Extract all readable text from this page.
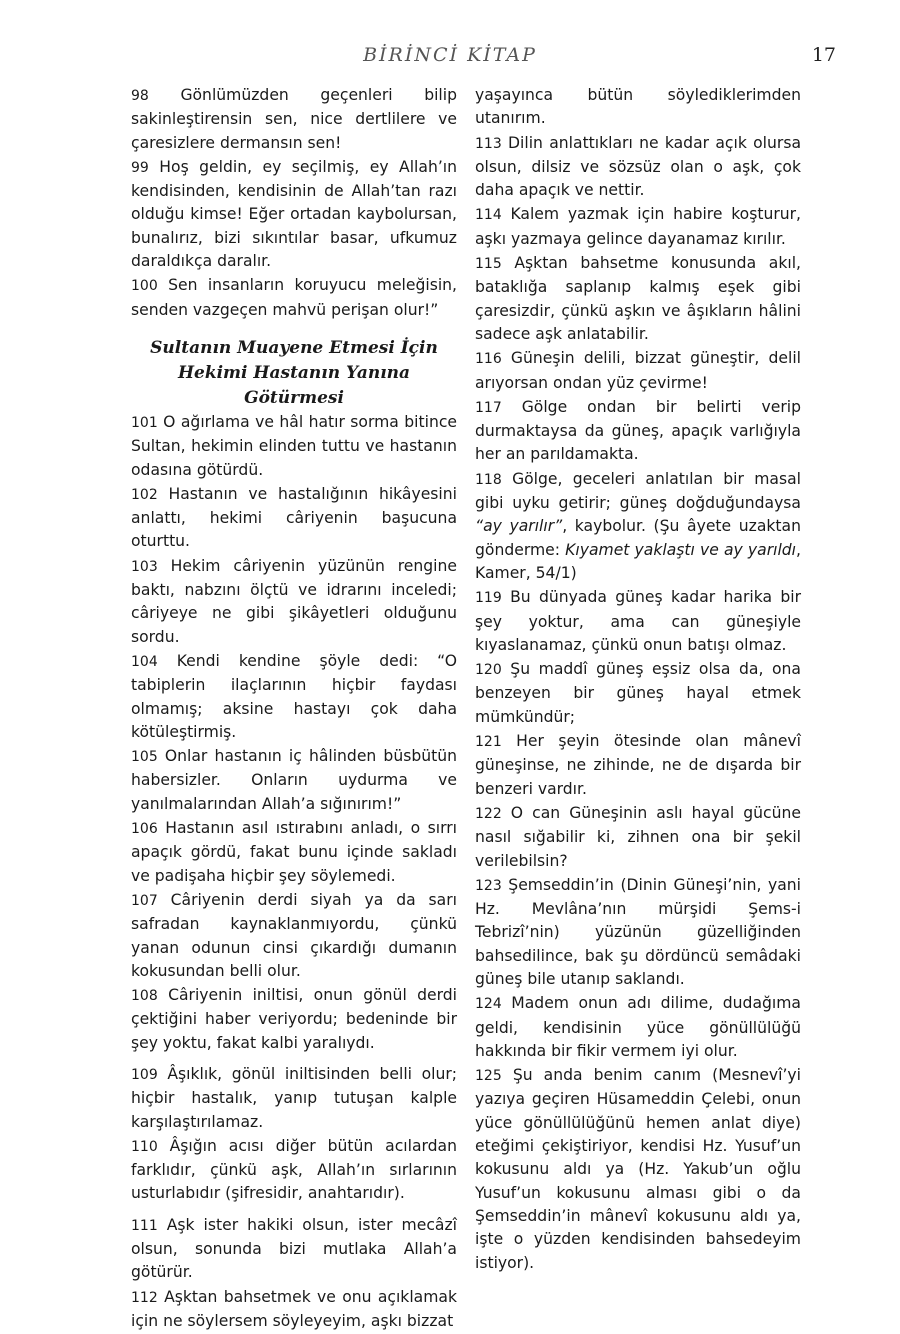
BİRİNCİ KİTAP	17

98 Gönlümüzden geçenleri bilip sakinleştirensin sen, nice dertlilere ve çaresizlere dermansın sen!

99 Hoş geldin, ey seçilmiş, ey Allah’ın kendisinden, kendisinin de Allah’tan razı olduğu kimse! Eğer ortadan kaybolursan, bunalırız, bizi sıkıntılar basar, ufkumuz daraldıkça daralır.

100 Sen insanların koruyucu meleğisin, senden vazgeçen mahvü perişan olur!”

Sultanın Muayene Etmesi İçin Hekimi Hastanın Yanına Götürmesi

101 O ağırlama ve hâl hatır sorma bitince Sultan, hekimin elinden tuttu ve hastanın odasına götürdü.

102 Hastanın ve hastalığının hikâyesini anlattı, hekimi câriyenin başucuna oturttu.

103 Hekim câriyenin yüzünün rengine baktı, nabzını ölçtü ve idrarını inceledi; câriyeye ne gibi şikâyetleri olduğunu sordu.

104 Kendi kendine şöyle dedi: “O tabiplerin ilaçlarının hiçbir faydası olmamış; aksine hastayı çok daha kötüleştirmiş.

105 Onlar hastanın iç hâlinden büsbütün habersizler. Onların uydurma ve yanılmalarından Allah’a sığınırım!”

106 Hastanın asıl ıstırabını anladı, o sırrı apaçık gördü, fakat bunu içinde sakladı ve padişaha hiçbir şey söylemedi.

107 Câriyenin derdi siyah ya da sarı safradan kaynaklanmıyordu, çünkü yanan odunun cinsi çıkardığı dumanın kokusundan belli olur.

108 Câriyenin iniltisi, onun gönül derdi çektiğini haber veriyordu; bedeninde bir şey yoktu, fakat kalbi yaralıydı.

109 Âşıklık, gönül iniltisinden belli olur; hiçbir hastalık, yanıp tutuşan kalple karşılaştırılamaz.

110 Âşığın acısı diğer bütün acılardan farklıdır, çünkü aşk, Allah’ın sırlarının usturlabıdır (şifresidir, anahtarıdır).

111 Aşk ister hakiki olsun, ister mecâzî olsun, sonunda bizi mutlaka Allah’a götürür.

112 Aşktan bahsetmek ve onu açıklamak için ne söylersem söyleyeyim, aşkı bizzat

yaşayınca bütün söylediklerimden utanırım.

113 Dilin anlattıkları ne kadar açık olursa olsun, dilsiz ve sözsüz olan o aşk, çok daha apaçık ve nettir.

114 Kalem yazmak için habire koşturur, aşkı yazmaya gelince dayanamaz kırılır.

115 Aşktan bahsetme konusunda akıl, bataklığa saplanıp kalmış eşek gibi çaresizdir, çünkü aşkın ve âşıkların hâlini sadece aşk anlatabilir.

116 Güneşin delili, bizzat güneştir, delil arıyorsan ondan yüz çevirme!

117 Gölge ondan bir belirti verip durmaktaysa da güneş, apaçık varlığıyla her an parıldamakta.

118 Gölge, geceleri anlatılan bir masal gibi uyku getirir; güneş doğduğundaysa “ay yarılır”, kaybolur. (Şu âyete uzaktan gönderme: Kıyamet yaklaştı ve ay yarıldı, Kamer, 54/1)

119 Bu dünyada güneş kadar harika bir şey yoktur, ama can güneşiyle kıyaslanamaz, çünkü onun batışı olmaz.

120 Şu maddî güneş eşsiz olsa da, ona benzeyen bir güneş hayal etmek mümkündür;

121 Her şeyin ötesinde olan mânevî güneşinse, ne zihinde, ne de dışarda bir benzeri vardır.

122 O can Güneşinin aslı hayal gücüne nasıl sığabilir ki, zihnen ona bir şekil verilebilsin?

123 Şemseddin’in (Dinin Güneşi’nin, yani Hz. Mevlâna’nın mürşidi Şems-i Tebrizî’nin) yüzünün güzelliğinden bahsedilince, bak şu dördüncü semâdaki güneş bile utanıp saklandı.

124 Madem onun adı dilime, dudağıma geldi, kendisinin yüce gönüllülüğü hakkında bir fikir vermem iyi olur.

125 Şu anda benim canım (Mesnevî’yi yazıya geçiren Hüsameddin Çelebi, onun yüce gönüllülüğünü hemen anlat diye) eteğimi çekiştiriyor, kendisi Hz. Yusuf’un kokusunu aldı ya (Hz. Yakub’un oğlu Yusuf’un kokusunu alması gibi o da Şemseddin’in mânevî kokusunu aldı ya, işte o yüzden kendisinden bahsedeyim istiyor).
